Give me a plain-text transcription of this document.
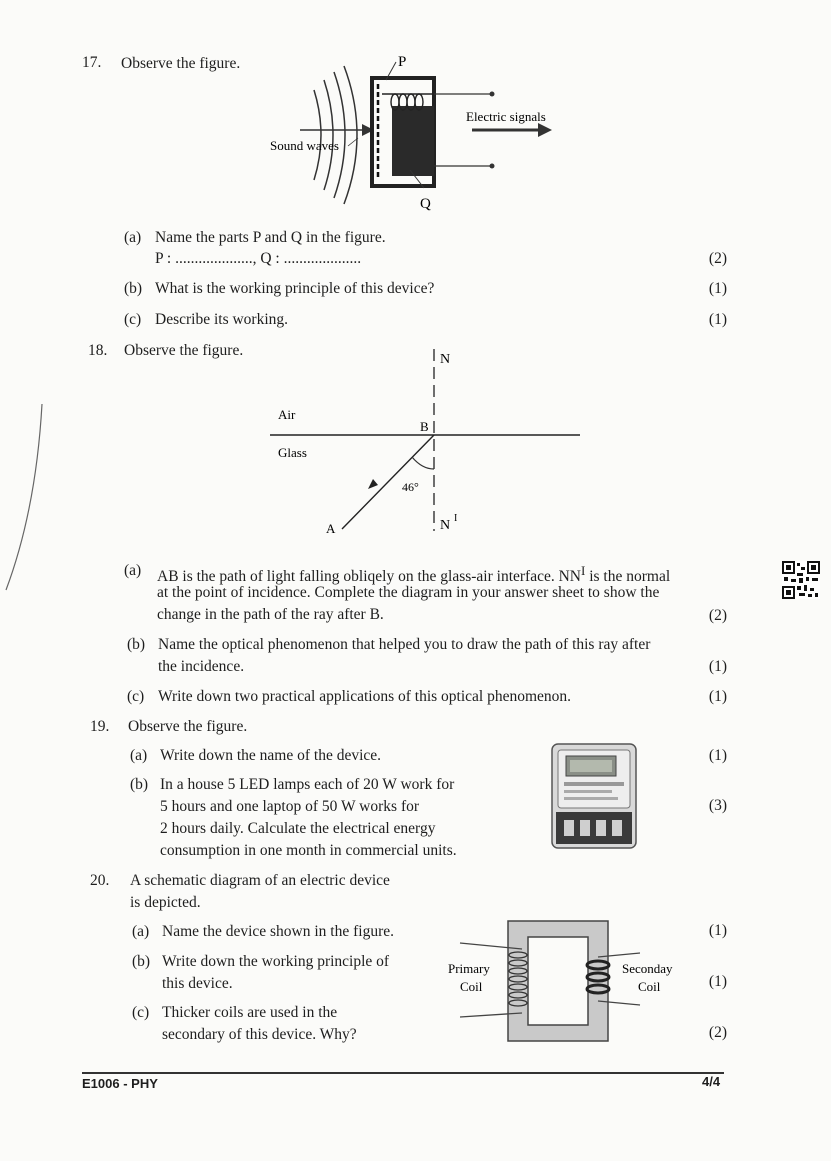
17. Observe the figure.	P
Q
Sound waves
Electric signals
(a) Name the parts P and Q in the figure.
P : ...................., Q : ....................	(2)
(b) What is the working principle of this device?	(1)
(c) Describe its working.	(1)
18. Observe the figure.
N
N I
Air
Glass
B
A
46°
(a) AB is the path of light falling obliqely on the glass-air interface. $NN^I$ is the normal
at the point of incidence. Complete the diagram in your answer sheet to show the
change in the path of the ray after B.	(2)
(b) Name the optical phenomenon that helped you to draw the path of this ray after
the incidence.	(1)
(c) Write down two practical applications of this optical phenomenon.	(1)
19. Observe the figure.
(a) Write down the name of the device.	(1)
(b) In a house 5 LED lamps each of 20 W work for
5 hours and one laptop of 50 W works for
2 hours daily. Calculate the electrical energy
consumption in one month in commercial units.
(3)
20. A schematic diagram of an electric device
is depicted.
(a) Name the device shown in the figure.	(1)
(b) Write down the working principle of
this device.	(1)
(c) Thicker coils are used in the
secondary of this device. Why?	(2)
Primary
Coil
Seconday
Coil
E1006 - PHY	4/4
